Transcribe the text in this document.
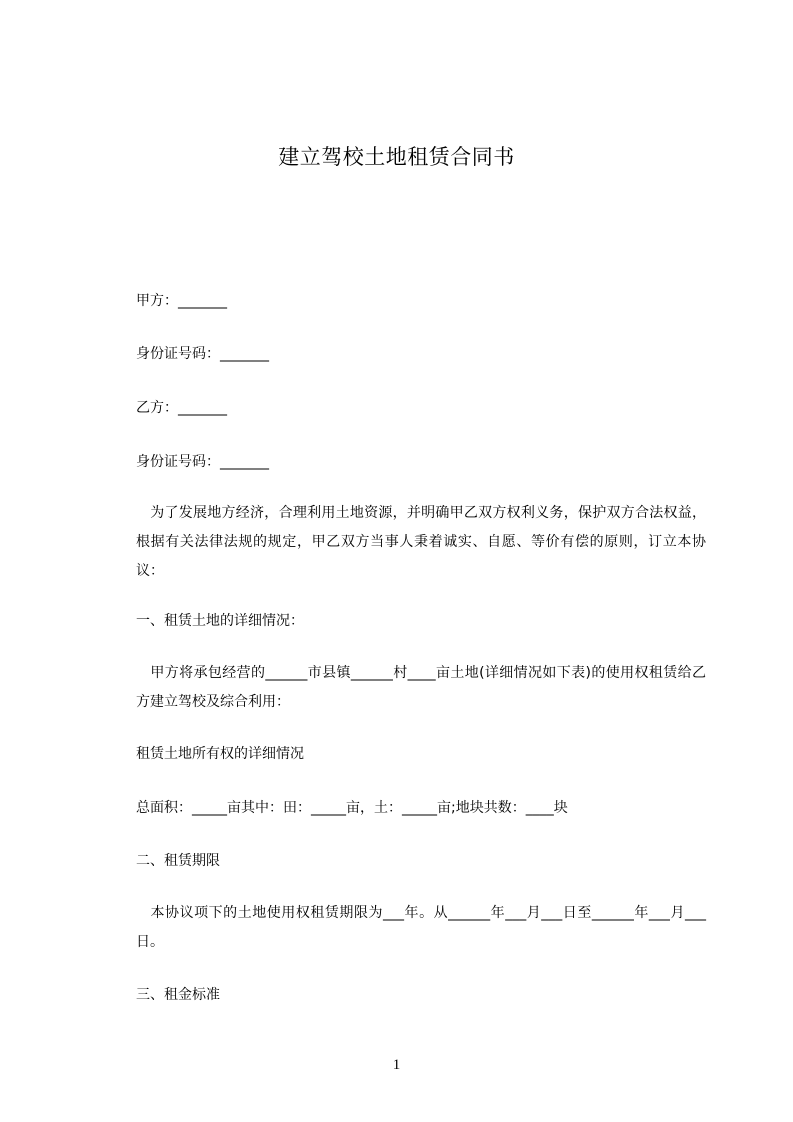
建立驾校土地租赁合同书
甲方：_______
身份证号码：_______
乙方：_______
身份证号码：_______
　为了发展地方经济，合理利用土地资源，并明确甲乙双方权利义务，保护双方合法权益，根据有关法律法规的规定，甲乙双方当事人秉着诚实、自愿、等价有偿的原则，订立本协议：
一、租赁土地的详细情况：
　甲方将承包经营的______市县镇______村____亩土地(详细情况如下表)的使用权租赁给乙方建立驾校及综合利用：
租赁土地所有权的详细情况
总面积：_____亩其中：田：_____亩，土：_____亩;地块共数：____块
二、租赁期限
　本协议项下的土地使用权租赁期限为___年。从______年___月___日至______年___月___日。
三、租金标准
1
